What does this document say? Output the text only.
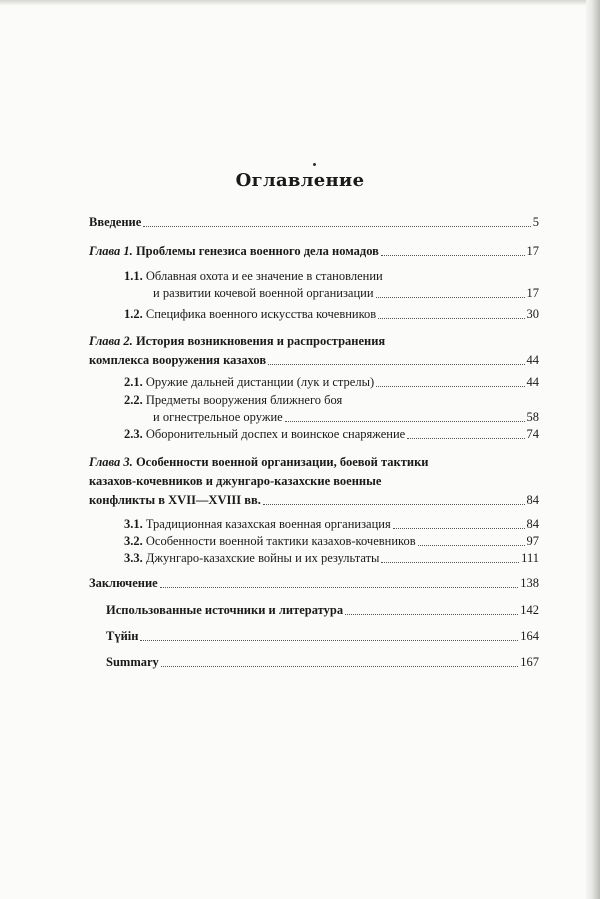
Оглавление
Введение	5
Глава 1. Проблемы генезиса военного дела номадов	17
1.1. Облавная охота и ее значение в становлении
и развитии кочевой военной организации	17
1.2. Специфика военного искусства кочевников	30
Глава 2. История возникновения и распространения
комплекса вооружения казахов	44
2.1. Оружие дальней дистанции (лук и стрелы)	44
2.2. Предметы вооружения ближнего боя
и огнестрельное оружие	58
2.3. Оборонительный доспех и воинское снаряжение	74
Глава 3. Особенности военной организации, боевой тактики
казахов-кочевников и джунгаро-казахские военные
конфликты в XVII—XVIII вв.	84
3.1. Традиционная казахская военная организация	84
3.2. Особенности военной тактики казахов-кочевников	97
3.3. Джунгаро-казахские войны и их результаты	111
Заключение	138
Использованные источники и литература	142
Түйін	164
Summary	167
